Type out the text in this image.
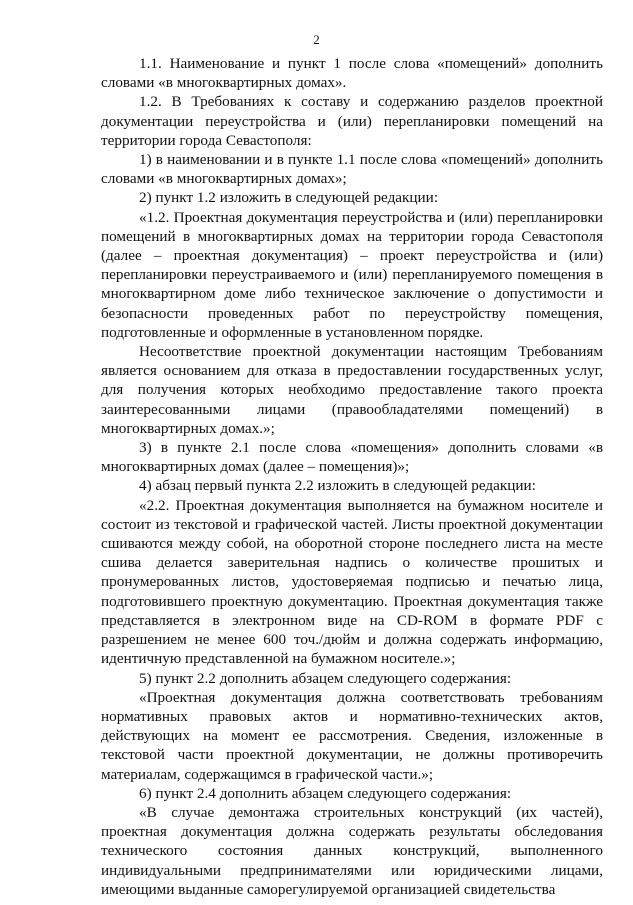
2

1.1. Наименование и пункт 1 после слова «помещений» дополнить словами «в многоквартирных домах».

1.2. В Требованиях к составу и содержанию разделов проектной документации переустройства и (или) перепланировки помещений на территории города Севастополя:

1) в наименовании и в пункте 1.1 после слова «помещений» дополнить словами «в многоквартирных домах»;

2) пункт 1.2 изложить в следующей редакции:

«1.2. Проектная документация переустройства и (или) перепланировки помещений в многоквартирных домах на территории города Севастополя (далее – проектная документация) – проект переустройства и (или) перепланировки переустраиваемого и (или) перепланируемого помещения в многоквартирном доме либо техническое заключение о допустимости и безопасности проведенных работ по переустройству помещения, подготовленные и оформленные в установленном порядке.

Несоответствие проектной документации настоящим Требованиям является основанием для отказа в предоставлении государственных услуг, для получения которых необходимо предоставление такого проекта заинтересованными лицами (правообладателями помещений) в многоквартирных домах.»;

3) в пункте 2.1 после слова «помещения» дополнить словами «в многоквартирных домах (далее – помещения)»;

4) абзац первый пункта 2.2 изложить в следующей редакции:

«2.2. Проектная документация выполняется на бумажном носителе и состоит из текстовой и графической частей. Листы проектной документации сшиваются между собой, на оборотной стороне последнего листа на месте сшива делается заверительная надпись о количестве прошитых и пронумерованных листов, удостоверяемая подписью и печатью лица, подготовившего проектную документацию. Проектная документация также представляется в электронном виде на CD-ROM в формате PDF с разрешением не менее 600 точ./дюйм и должна содержать информацию, идентичную представленной на бумажном носителе.»;

5) пункт 2.2 дополнить абзацем следующего содержания:

«Проектная документация должна соответствовать требованиям нормативных правовых актов и нормативно-технических актов, действующих на момент ее рассмотрения. Сведения, изложенные в текстовой части проектной документации, не должны противоречить материалам, содержащимся в графической части.»;

6) пункт 2.4 дополнить абзацем следующего содержания:

«В случае демонтажа строительных конструкций (их частей), проектная документация должна содержать результаты обследования технического состояния данных конструкций, выполненного индивидуальными предпринимателями или юридическими лицами, имеющими выданные саморегулируемой организацией свидетельства
